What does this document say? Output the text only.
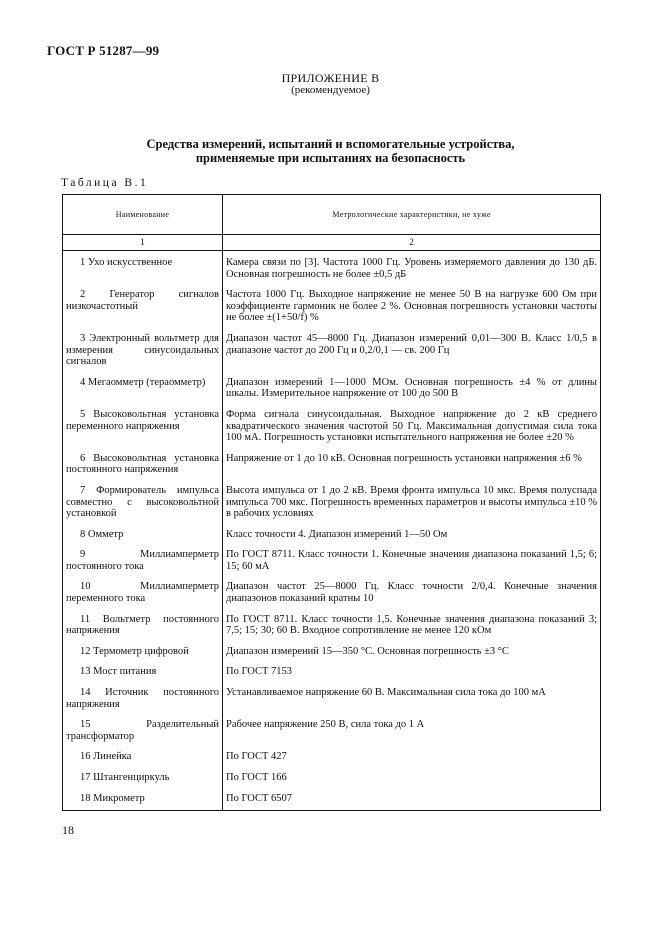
ГОСТ Р 51287—99
ПРИЛОЖЕНИЕ В
(рекомендуемое)
Средства измерений, испытаний и вспомогательные устройства,
применяемые при испытаниях на безопасность
Таблица В.1
Наименование	Метрологические характеристики, не хуже
1	2
1 Ухо искусственное	Камера связи по [3]. Частота 1000 Гц. Уровень измеряемого давления до 130 дБ. Основная погрешность не более ±0,5 дБ
2 Генератор сигналов низкочастотный	Частота 1000 Гц. Выходное напряжение не менее 50 В на нагрузке 600 Ом при коэффициенте гармоник не более 2 %. Основная погрешность установки частоты не более ±(1+50/f) %
3 Электронный вольтметр для измерения синусоидальных сигналов	Диапазон частот 45—8000 Гц. Диапазон измерений 0,01—300 В. Класс 1/0,5 в диапазоне частот до 200 Гц и 0,2/0,1 — св. 200 Гц
4 Мегаомметр (тераомметр)	Диапазон измерений 1—1000 МОм. Основная погрешность ±4 % от длины шкалы. Измерительное напряжение от 100 до 500 В
5 Высоковольтная установка переменного напряжения	Форма сигнала синусоидальная. Выходное напряжение до 2 кВ среднего квадратического значения частотой 50 Гц. Максимальная допустимая сила тока 100 мА. Погрешность установки испытательного напряжения не более ±20 %
6 Высоковольтная установка постоянного напряжения	Напряжение от 1 до 10 кВ. Основная погрешность установки напряжения ±6 %
7 Формирователь импульса совместно с высоковольтной установкой	Высота импульса от 1 до 2 кВ. Время фронта импульса 10 мкс. Время полуспада импульса 700 мкс. Погрешность временных параметров и высоты импульса ±10 % в рабочих условиях
8 Омметр	Класс точности 4. Диапазон измерений 1—50 Ом
9 Миллиамперметр постоянного тока	По ГОСТ 8711. Класс точности 1. Конечные значения диапазона показаний 1,5; 6; 15; 60 мА
10 Миллиамперметр переменного тока	Диапазон частот 25—8000 Гц. Класс точности 2/0,4. Конечные значения диапазонов показаний кратны 10
11 Вольтметр постоянного напряжения	По ГОСТ 8711. Класс точности 1,5. Конечные значения диапазона показаний 3; 7,5; 15; 30; 60 В. Входное сопротивление не менее 120 кОм
12 Термометр цифровой	Диапазон измерений 15—350 °С. Основная погрешность ±3 °С
13 Мост питания	По ГОСТ 7153
14 Источник постоянного напряжения	Устанавливаемое напряжение 60 В. Максимальная сила тока до 100 мА
15 Разделительный трансформатор	Рабочее напряжение 250 В, сила тока до 1 А
16 Линейка	По ГОСТ 427
17 Штангенциркуль	По ГОСТ 166
18 Микрометр	По ГОСТ 6507
18
